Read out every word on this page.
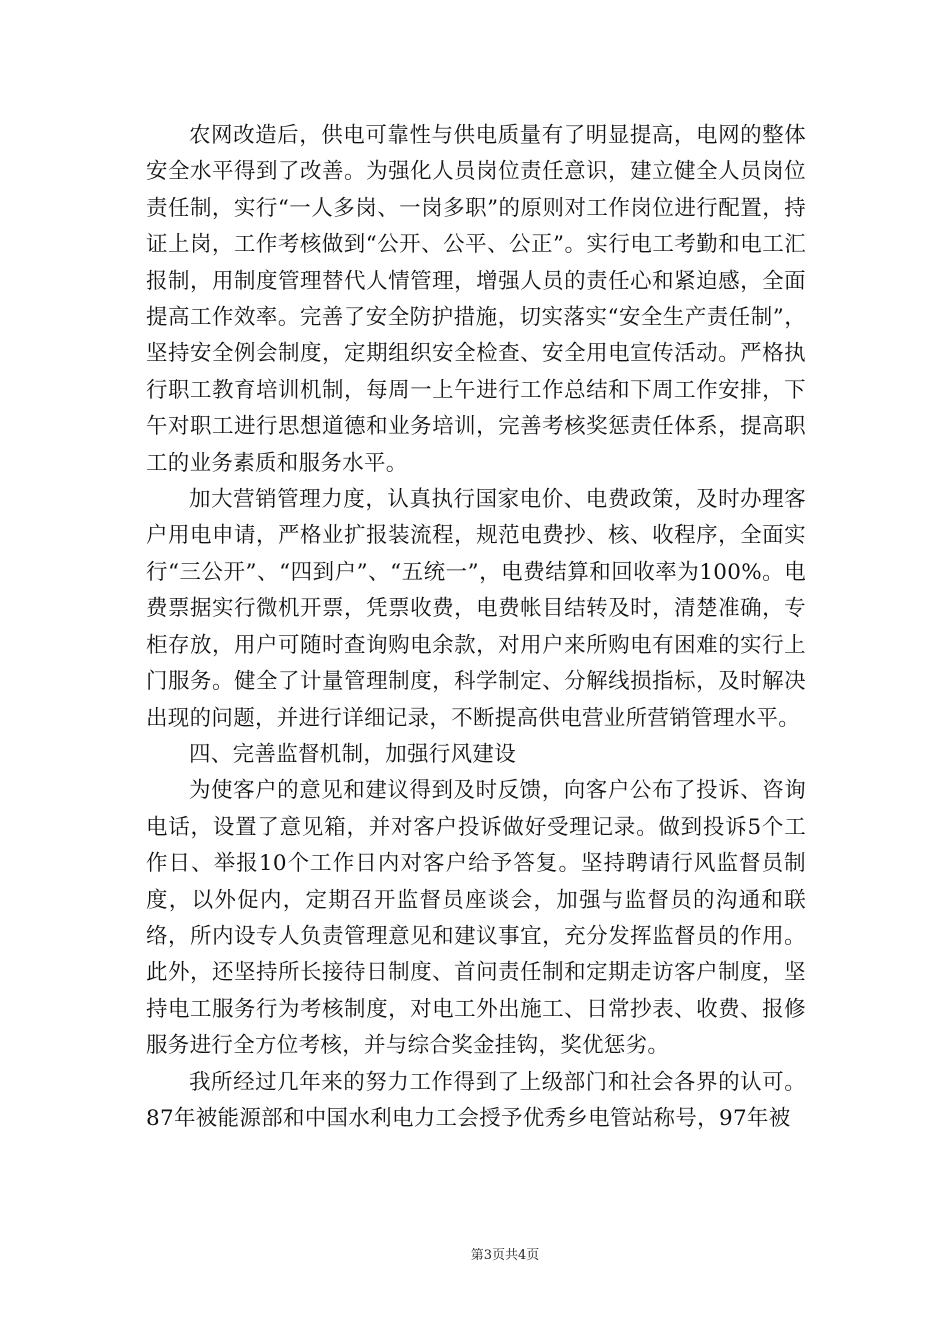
农网改造后，供电可靠性与供电质量有了明显提高，电网的整体安全水平得到了改善。为强化人员岗位责任意识，建立健全人员岗位责任制，实行“一人多岗、一岗多职”的原则对工作岗位进行配置，持证上岗，工作考核做到“公开、公平、公正”。实行电工考勤和电工汇报制，用制度管理替代人情管理，增强人员的责任心和紧迫感，全面提高工作效率。完善了安全防护措施，切实落实“安全生产责任制”，坚持安全例会制度，定期组织安全检查、安全用电宣传活动。严格执行职工教育培训机制，每周一上午进行工作总结和下周工作安排，下午对职工进行思想道德和业务培训，完善考核奖惩责任体系，提高职工的业务素质和服务水平。

加大营销管理力度，认真执行国家电价、电费政策，及时办理客户用电申请，严格业扩报装流程，规范电费抄、核、收程序，全面实行“三公开”、“四到户”、“五统一”，电费结算和回收率为100%。电费票据实行微机开票，凭票收费，电费帐目结转及时，清楚准确，专柜存放，用户可随时查询购电余款，对用户来所购电有困难的实行上门服务。健全了计量管理制度，科学制定、分解线损指标，及时解决出现的问题，并进行详细记录，不断提高供电营业所营销管理水平。

四、完善监督机制，加强行风建设

为使客户的意见和建议得到及时反馈，向客户公布了投诉、咨询电话，设置了意见箱，并对客户投诉做好受理记录。做到投诉5个工作日、举报10个工作日内对客户给予答复。坚持聘请行风监督员制度，以外促内，定期召开监督员座谈会，加强与监督员的沟通和联络，所内设专人负责管理意见和建议事宜，充分发挥监督员的作用。此外，还坚持所长接待日制度、首问责任制和定期走访客户制度，坚持电工服务行为考核制度，对电工外出施工、日常抄表、收费、报修服务进行全方位考核，并与综合奖金挂钩，奖优惩劣。

我所经过几年来的努力工作得到了上级部门和社会各界的认可。87年被能源部和中国水利电力工会授予优秀乡电管站称号，97年被

第3页共4页
